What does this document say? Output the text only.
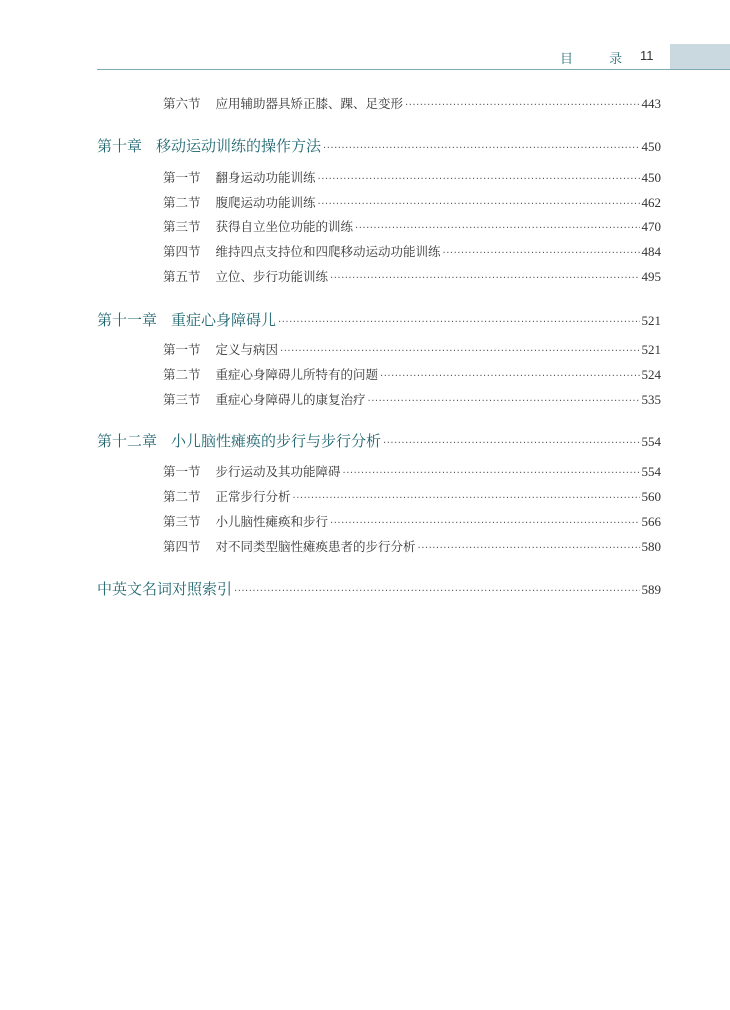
目 录 11
第六节 应用辅助器具矫正膝、踝、足变形 ·····	443
第十章 移动运动训练的操作方法 ·····	450
第一节 翻身运动功能训练 ·····	450
第二节 腹爬运动功能训练 ·····	462
第三节 获得自立坐位功能的训练 ·····	470
第四节 维持四点支持位和四爬移动运动功能训练 ·····	484
第五节 立位、步行功能训练 ·····	495
第十一章 重症心身障碍儿 ·····	521
第一节 定义与病因 ·····	521
第二节 重症心身障碍儿所特有的问题 ·····	524
第三节 重症心身障碍儿的康复治疗 ·····	535
第十二章 小儿脑性瘫痪的步行与步行分析 ·····	554
第一节 步行运动及其功能障碍 ·····	554
第二节 正常步行分析 ·····	560
第三节 小儿脑性瘫痪和步行 ·····	566
第四节 对不同类型脑性瘫痪患者的步行分析 ·····	580
中英文名词对照索引 ·····	589
